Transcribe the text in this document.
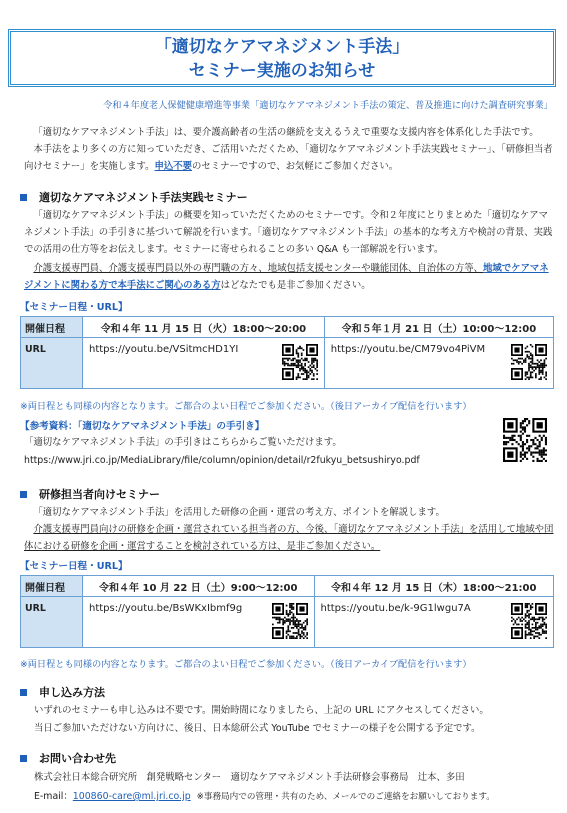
「適切なケアマネジメント手法」
セミナー実施のお知らせ
令和４年度老人保健健康増進等事業「適切なケアマネジメント手法の策定、普及推進に向けた調査研究事業」
「適切なケアマネジメント手法」は、要介護高齢者の生活の継続を支えるうえで重要な支援内容を体系化した手法です。
本手法をより多くの方に知っていただき、ご活用いただくため、「適切なケアマネジメント手法実践セミナー」、「研修担当者向けセミナー」を実施します。申込不要のセミナーですので、お気軽にご参加ください。
適切なケアマネジメント手法実践セミナー
「適切なケアマネジメント手法」の概要を知っていただくためのセミナーです。令和２年度にとりまとめた「適切なケアマネジメント手法」の手引きに基づいて解説を行います。「適切なケアマネジメント手法」の基本的な考え方や検討の背景、実践での活用の仕方等をお伝えします。セミナーに寄せられることの多い Q&A も一部解説を行います。
介護支援専門員、介護支援専門員以外の専門職の方々、地域包括支援センターや職能団体、自治体の方等、地域でケアマネジメントに関わる方で本手法にご関心のある方はどなたでも是非ご参加ください。
【セミナー日程・URL】
開催日程	令和４年 11 月 15 日（火）18:00～20:00	令和５年１月 21 日（土）10:00～12:00
URL	https://youtu.be/VSitmcHD1YI	https://youtu.be/CM79vo4PiVM
※両日程とも同様の内容となります。ご都合のよい日程でご参加ください。（後日アーカイブ配信を行います）
【参考資料：「適切なケアマネジメント手法」の手引き】
「適切なケアマネジメント手法」の手引きはこちらからご覧いただけます。
https://www.jri.co.jp/MediaLibrary/file/column/opinion/detail/r2fukyu_betsushiryo.pdf
研修担当者向けセミナー
「適切なケアマネジメント手法」を活用した研修の企画・運営の考え方、ポイントを解説します。
介護支援専門員向けの研修を企画・運営されている担当者の方、今後、「適切なケアマネジメント手法」を活用して地域や団体における研修を企画・運営することを検討されている方は、是非ご参加ください。
【セミナー日程・URL】
開催日程	令和４年 10 月 22 日（土）9:00～12:00	令和４年 12 月 15 日（木）18:00～21:00
URL	https://youtu.be/BsWKxIbmf9g	https://youtu.be/k-9G1lwgu7A
※両日程とも同様の内容となります。ご都合のよい日程でご参加ください。（後日アーカイブ配信を行います）
申し込み方法
いずれのセミナーも申し込みは不要です。開始時間になりましたら、上記の URL にアクセスしてください。
当日ご参加いただけない方向けに、後日、日本総研公式 YouTube でセミナーの様子を公開する予定です。
お問い合わせ先
株式会社日本総合研究所　創発戦略センター　適切なケアマネジメント手法研修会事務局　辻本、多田
E-mail：100860-care@ml.jri.co.jp ※事務局内での管理・共有のため、メールでのご連絡をお願いしております。
